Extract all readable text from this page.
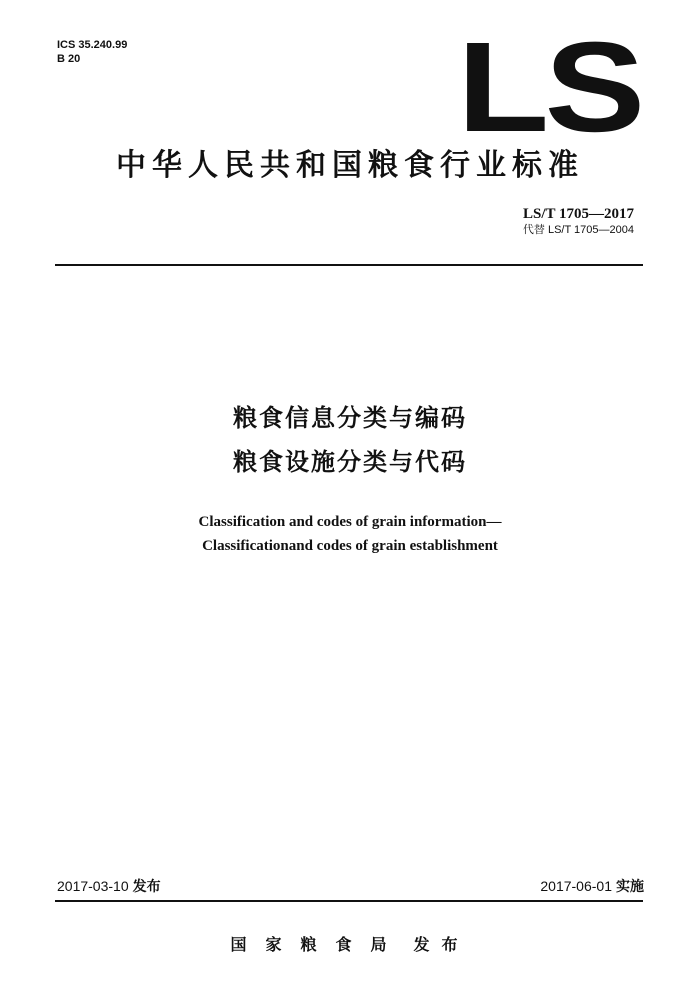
ICS 35.240.99
B 20	LS
中华人民共和国粮食行业标准
LS/T 1705—2017
代替 LS/T 1705—2004
粮食信息分类与编码
粮食设施分类与代码
Classification and codes of grain information—
Classificationand codes of grain establishment
2017-03-10 发布	2017-06-01 实施
国家粮食局 发布
